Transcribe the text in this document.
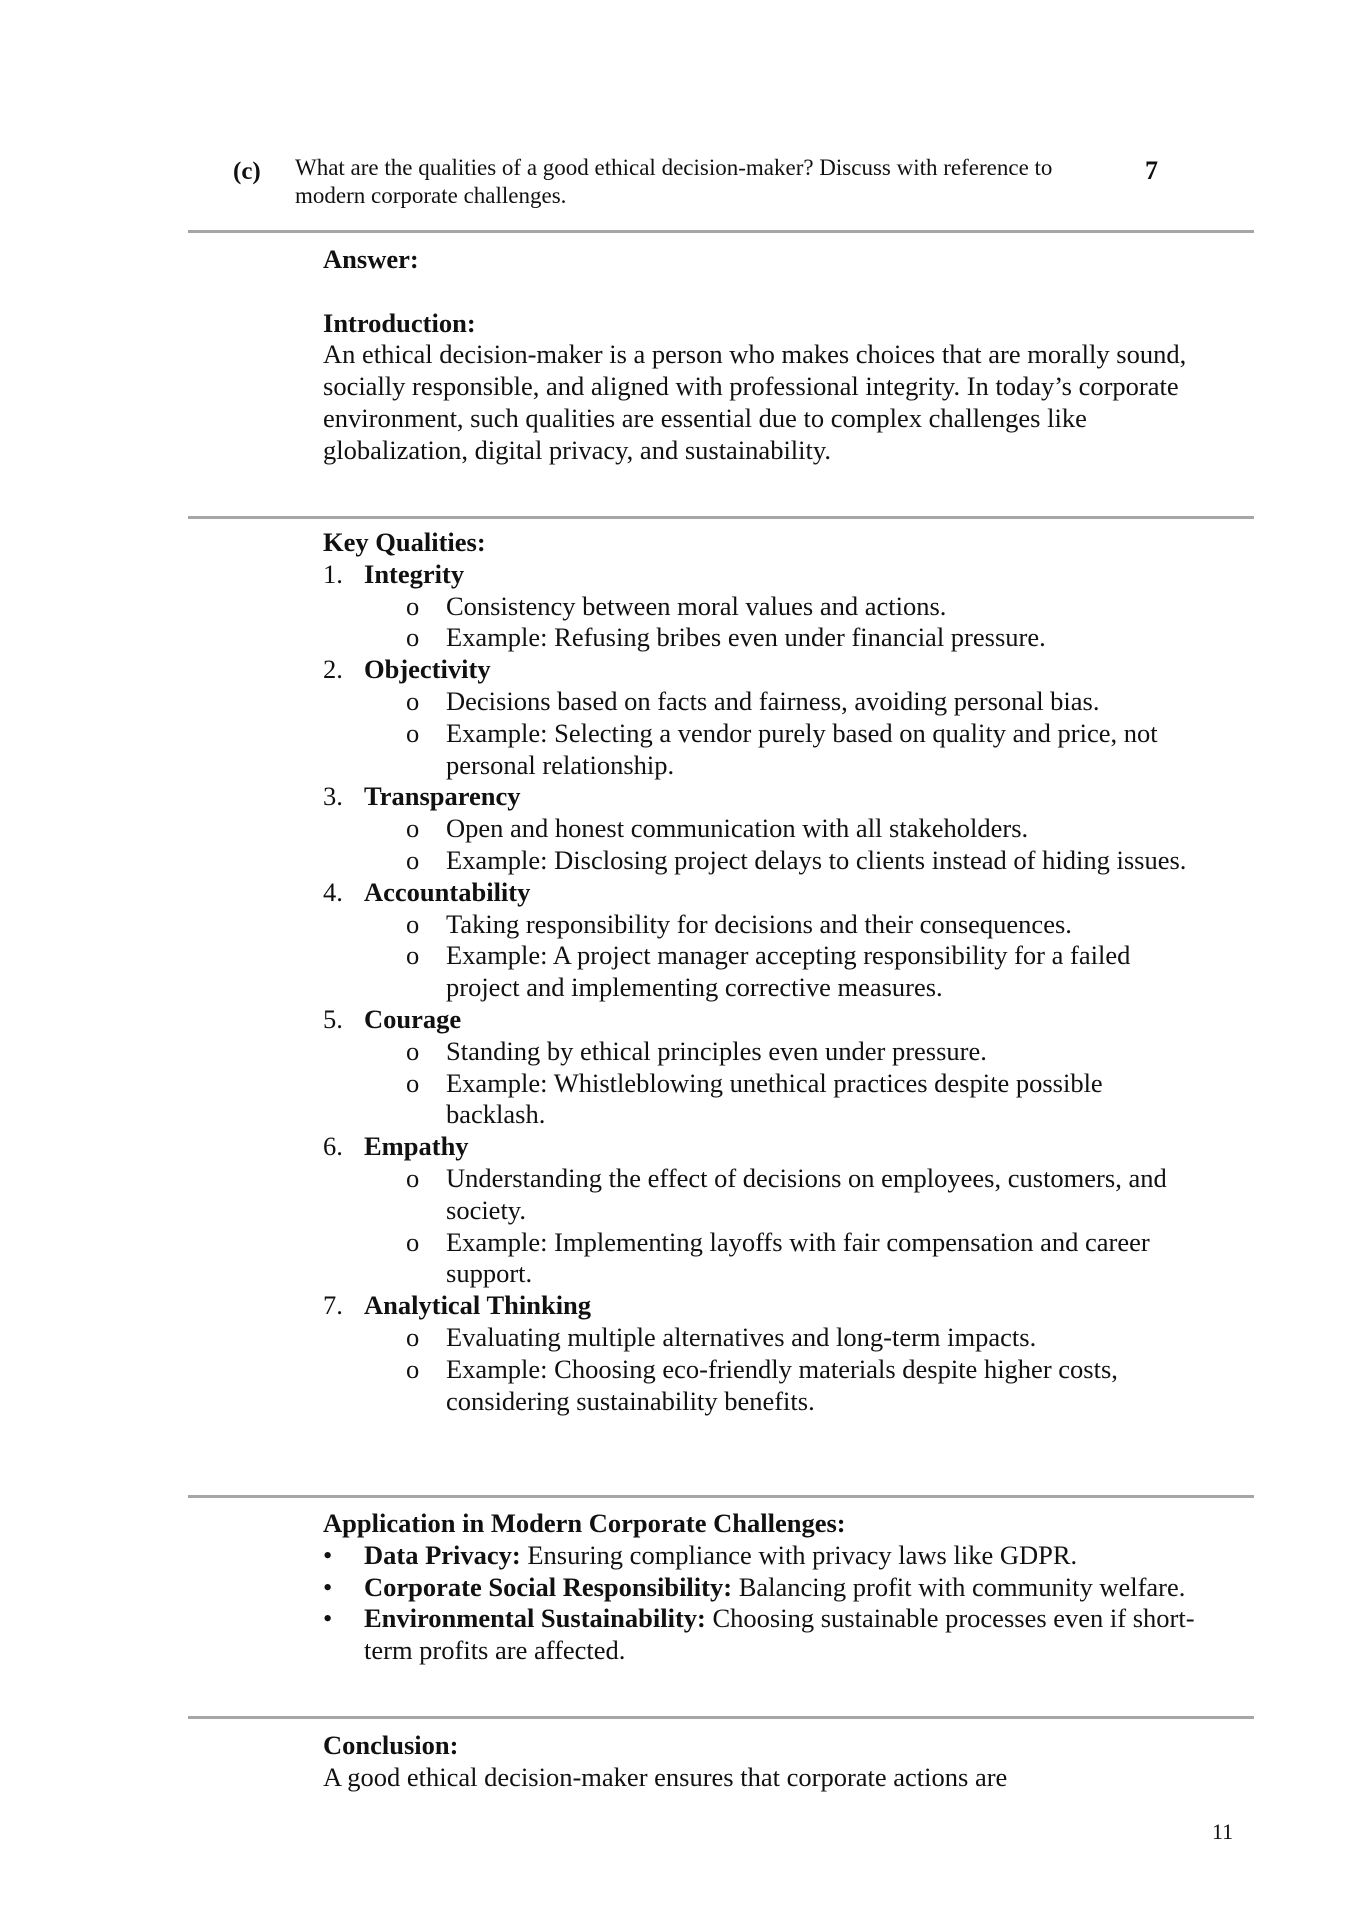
(c) What are the qualities of a good ethical decision-maker? Discuss with reference to modern corporate challenges.
7
Answer:
Introduction:

An ethical decision-maker is a person who makes choices that are morally sound, socially responsible, and aligned with professional integrity. In today’s corporate environment, such qualities are essential due to complex challenges like globalization, digital privacy, and sustainability.

Key Qualities:
1. Integrity
o Consistency between moral values and actions.
o Example: Refusing bribes even under financial pressure.
2. Objectivity
o Decisions based on facts and fairness, avoiding personal bias.
o Example: Selecting a vendor purely based on quality and price, not personal relationship.
3. Transparency
o Open and honest communication with all stakeholders.
o Example: Disclosing project delays to clients instead of hiding issues.
4. Accountability
o Taking responsibility for decisions and their consequences.
o Example: A project manager accepting responsibility for a failed project and implementing corrective measures.
5. Courage
o Standing by ethical principles even under pressure.
o Example: Whistleblowing unethical practices despite possible backlash.
6. Empathy
o Understanding the effect of decisions on employees, customers, and society.
o Example: Implementing layoffs with fair compensation and career support.
7. Analytical Thinking
o Evaluating multiple alternatives and long-term impacts.
o Example: Choosing eco-friendly materials despite higher costs, considering sustainability benefits.
Application in Modern Corporate Challenges:
• Data Privacy: Ensuring compliance with privacy laws like GDPR.
• Corporate Social Responsibility: Balancing profit with community welfare.
• Environmental Sustainability: Choosing sustainable processes even if short-term profits are affected.
Conclusion:

A good ethical decision-maker ensures that corporate actions are

11
